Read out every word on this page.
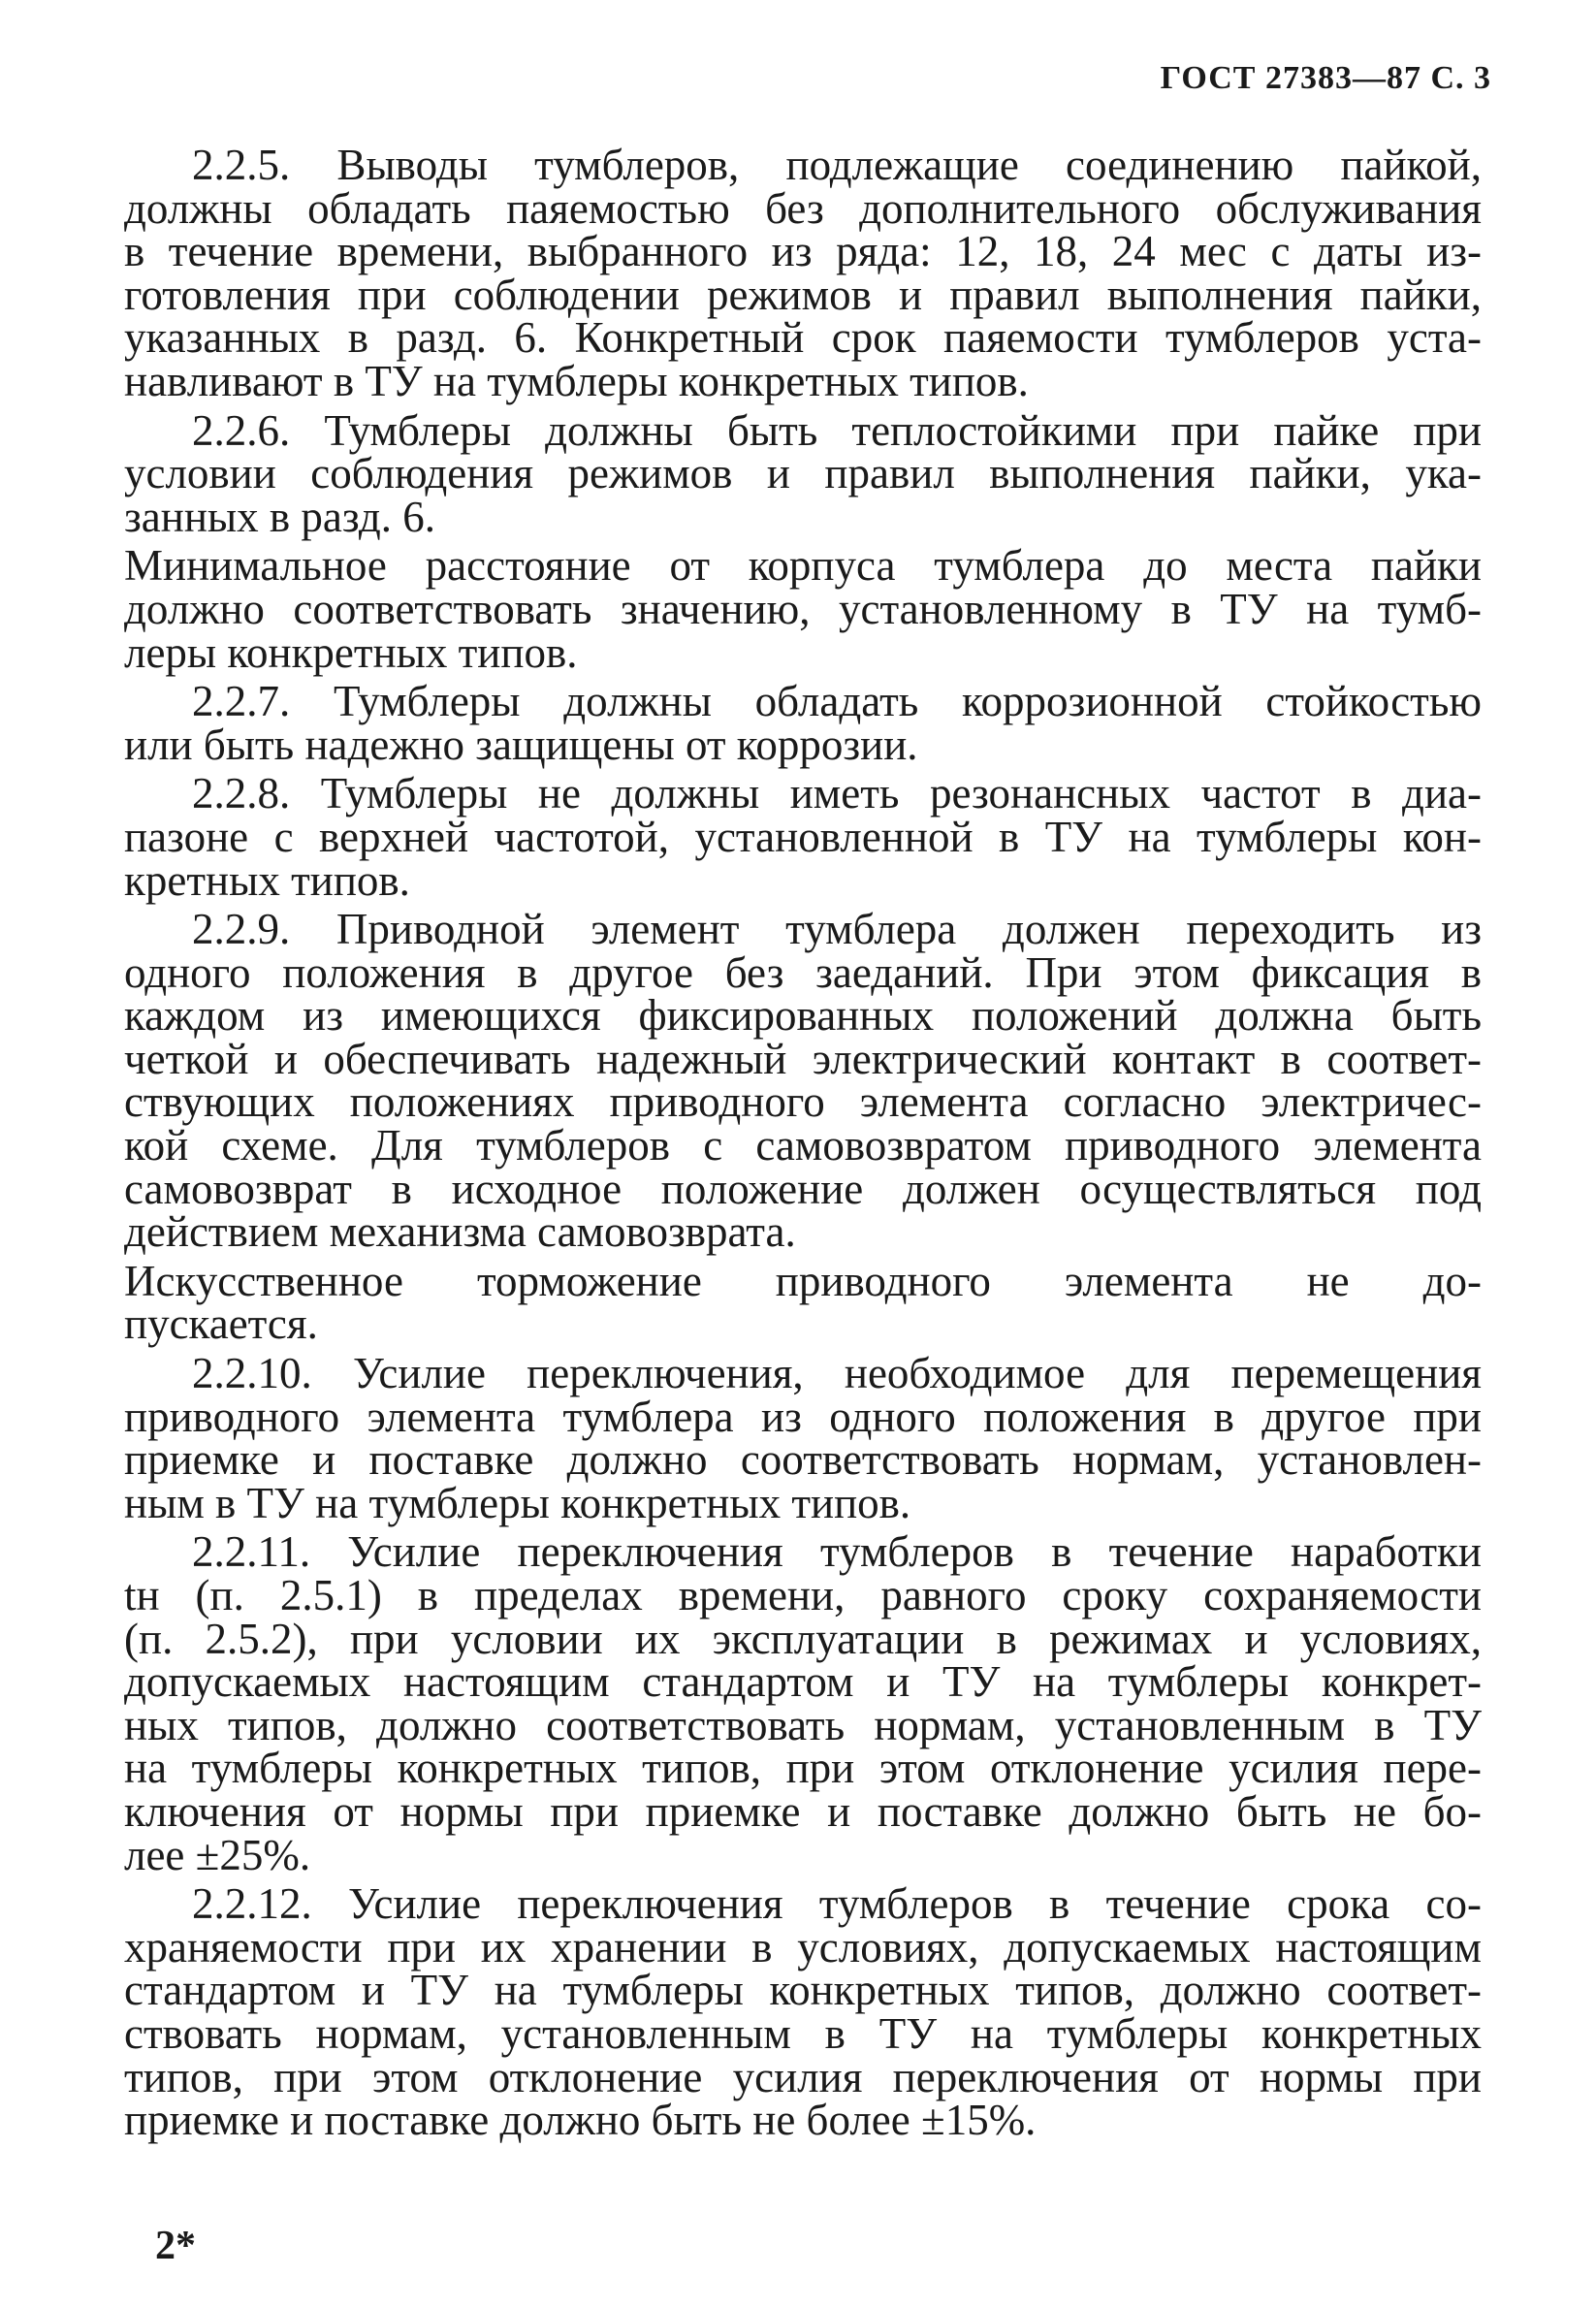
ГОСТ 27383—87 С. 3
2.2.5. Выводы тумблеров, подлежащие соединению пайкой,
должны обладать паяемостью без дополнительного обслуживания
в течение времени, выбранного из ряда: 12, 18, 24 мес с даты из-
готовления при соблюдении режимов и правил выполнения пайки,
указанных в разд. 6. Конкретный срок паяемости тумблеров уста-
навливают в ТУ на тумблеры конкретных типов.
2.2.6. Тумблеры должны быть теплостойкими при пайке при
условии соблюдения режимов и правил выполнения пайки, ука-
занных в разд. 6.
Минимальное расстояние от корпуса тумблера до места пайки
должно соответствовать значению, установленному в ТУ на тумб-
леры конкретных типов.
2.2.7. Тумблеры должны обладать коррозионной стойкостью
или быть надежно защищены от коррозии.
2.2.8. Тумблеры не должны иметь резонансных частот в диа-
пазоне с верхней частотой, установленной в ТУ на тумблеры кон-
кретных типов.
2.2.9. Приводной элемент тумблера должен переходить из
одного положения в другое без заеданий. При этом фиксация в
каждом из имеющихся фиксированных положений должна быть
четкой и обеспечивать надежный электрический контакт в соответ-
ствующих положениях приводного элемента согласно электричес-
кой схеме. Для тумблеров с самовозвратом приводного элемента
самовозврат в исходное положение должен осуществляться под
действием механизма самовозврата.
Искусственное торможение приводного элемента не до-
пускается.
2.2.10. Усилие переключения, необходимое для перемещения
приводного элемента тумблера из одного положения в другое при
приемке и поставке должно соответствовать нормам, установлен-
ным в ТУ на тумблеры конкретных типов.
2.2.11. Усилие переключения тумблеров в течение наработки
tн (п. 2.5.1) в пределах времени, равного сроку сохраняемости
(п. 2.5.2), при условии их эксплуатации в режимах и условиях,
допускаемых настоящим стандартом и ТУ на тумблеры конкрет-
ных типов, должно соответствовать нормам, установленным в ТУ
на тумблеры конкретных типов, при этом отклонение усилия пере-
ключения от нормы при приемке и поставке должно быть не бо-
лее ±25%.
2.2.12. Усилие переключения тумблеров в течение срока со-
храняемости при их хранении в условиях, допускаемых настоящим
стандартом и ТУ на тумблеры конкретных типов, должно соответ-
ствовать нормам, установленным в ТУ на тумблеры конкретных
типов, при этом отклонение усилия переключения от нормы при
приемке и поставке должно быть не более ±15%.
2*
